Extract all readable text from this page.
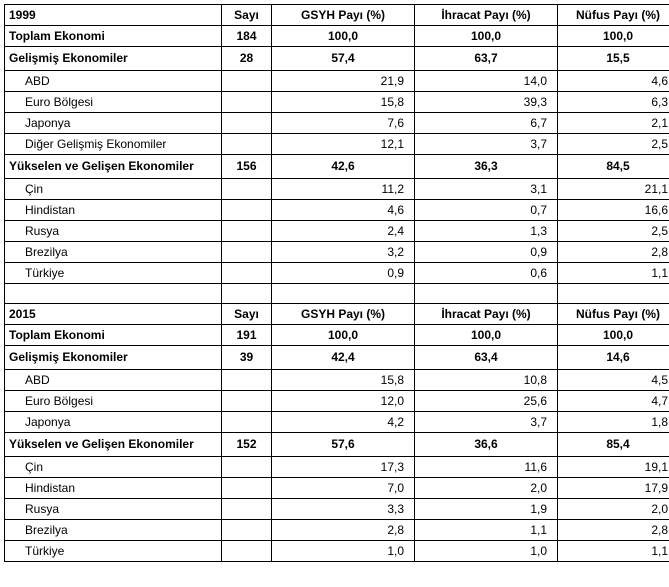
1999	Sayı	GSYH Payı (%)	İhracat Payı (%)	Nüfus Payı (%)
Toplam Ekonomi	184	100,0	100,0	100,0
Gelişmiş Ekonomiler	28	57,4	63,7	15,5
ABD		21,9	14,0	4,6
Euro Bölgesi		15,8	39,3	6,3
Japonya		7,6	6,7	2,1
Diğer Gelişmiş Ekonomiler		12,1	3,7	2,5
Yükselen ve Gelişen Ekonomiler	156	42,6	36,3	84,5
Çin		11,2	3,1	21,1
Hindistan		4,6	0,7	16,6
Rusya		2,4	1,3	2,5
Brezilya		3,2	0,9	2,8
Türkiye		0,9	0,6	1,1

2015	Sayı	GSYH Payı (%)	İhracat Payı (%)	Nüfus Payı (%)
Toplam Ekonomi	191	100,0	100,0	100,0
Gelişmiş Ekonomiler	39	42,4	63,4	14,6
ABD		15,8	10,8	4,5
Euro Bölgesi		12,0	25,6	4,7
Japonya		4,2	3,7	1,8
Yükselen ve Gelişen Ekonomiler	152	57,6	36,6	85,4
Çin		17,3	11,6	19,1
Hindistan		7,0	2,0	17,9
Rusya		3,3	1,9	2,0
Brezilya		2,8	1,1	2,8
Türkiye		1,0	1,0	1,1
